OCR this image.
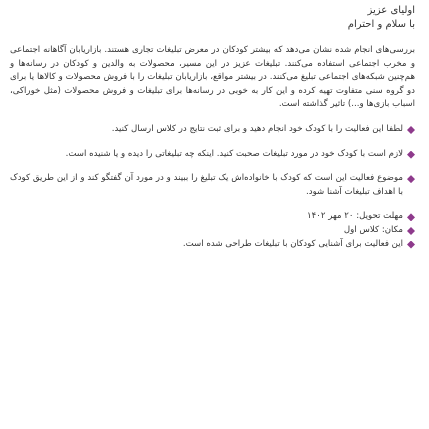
اولیای عزیز
با سلام و احترام

بررسی‌های انجام شده نشان می‌دهد که بیشتر کودکان در معرض تبلیغات تجاری هستند. بازاریابان آگاهانه اجتماعی و مخرب اجتماعی استفاده می‌کنند. تبلیغات عزیز در این مسیر، محصولات به والدین و کودکان در رسانه‌ها و هم‌چنین شبکه‌های اجتماعی تبلیغ می‌کنند. در بیشتر مواقع، بازاریابان تبلیغات را با فروش محصولات و کالاها یا برای دو گروه سنی متفاوت تهیه کرده و این کار به خوبی در رسانه‌ها برای تبلیغات و فروش محصولات (مثل خوراکی، اسباب بازی‌ها و...) تاثیر گذاشته است.

لطفا این فعالیت را با کودک خود انجام دهید و برای ثبت نتایج در کلاس ارسال کنید.
لازم است با کودک خود در مورد تبلیغات صحبت کنید. اینکه چه تبلیغاتی را دیده و یا شنیده است.
موضوع فعالیت این است که کودک با خانواده‌اش یک تبلیغ را ببیند و در مورد آن گفتگو کند و از این طریق کودک با اهداف تبلیغات آشنا شود.
مهلت تحویل: ۲۰ مهر ۱۴۰۲
مکان: کلاس اول
این فعالیت برای آشنایی کودکان با تبلیغات طراحی شده است.
